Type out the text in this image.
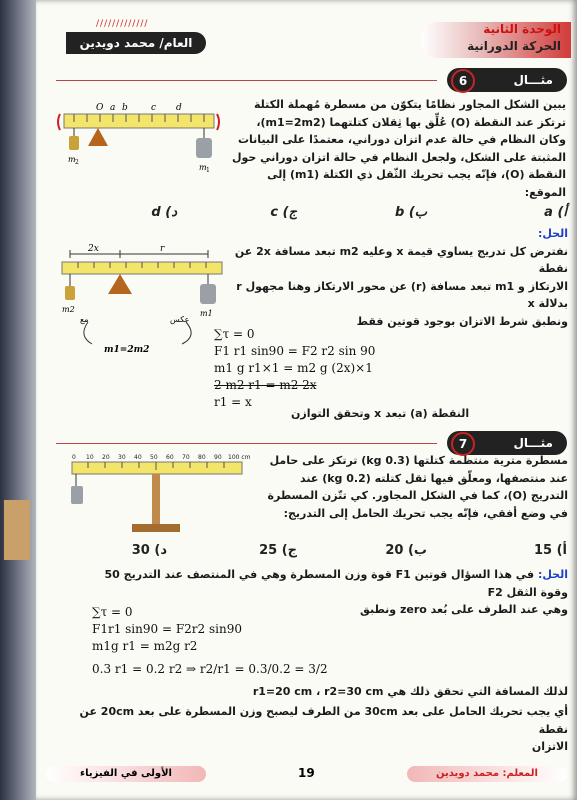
/////////////
العام/ محمد دويدين
الوحدة الثانية
الحركة الدورانية
6	مثـــال
O a b	c d
m 2
m 1
يبين الشكل المجاور نظامًا يتكوّن من مسطرة مُهملة الكتلة
ترتكز عند النقطة (O) عُلِّق بها ثِقلان كتلتهما (m1=2m2)،
وكان النظام في حالة عدم اتزان دوراني، معتمدًا على البيانات
المثبتة على الشكل، ولجعل النظام في حالة اتزان دوراني حول
النقطة (O)، فإنّه يجب تحريك الثّقل ذي الكتلة (m1) إلى الموقع:
أ) a
ب) b
ج) c
د) d
الحل:
نفترض كل تدريج يساوي قيمة x وعليه m2 تبعد مسافة 2x عن نقطة
الارتكاز و m1 تبعد مسافة (r) عن محور الارتكاز وهنا مجهول r
بدلالة x
ونطبق شرط الاتزان بوجود قوتين فقط
2x	r
m2	m1
مع	عكس
m1=2m2
∑τ = 0
F1 r1 sin90 = F2 r2 sin 90
m1 g r1×1 = m2 g (2x)×1
2 m2 r1 = m2 2x
r1 = x
النقطة (a) تبعد x وتحقق التوازن
7	مثـــال
0 10 20 30 40 50 60 70 80 90 100 cm	مسطرة مترية منتظمة كتلتها (0.3 kg) ترتكز على حامل
عند منتصفها، ومعلّق فيها ثقل كتلته (0.2 kg) عند
التدريج (O)، كما في الشكل المجاور. كي تتّزن المسطرة
في وضع أفقي، فإنّه يجب تحريك الحامل إلى التدريج:
أ) 15
ب) 20
ج) 25
د) 30
الحل: في هذا السؤال قوتين F1 قوة وزن المسطرة وهي في المنتصف عند التدريج 50 وقوة الثقل F2
وهي عند الطرف على بُعد zero ونطبق
∑τ = 0
F1r1 sin90 = F2r2 sin90
m1g r1 = m2g r2
0.3 r1 = 0.2 r2 ⇒ r2/r1 = 0.3/0.2 = 3/2
لذلك المسافة التي تحقق ذلك هي r1=20 cm ، r2=30 cm
أي يجب تحريك الحامل على بعد 30cm من الطرف ليصبح وزن المسطرة على بعد 20cm عن نقطة
الاتزان
الأولى في الفيزياء	19	المعلم: محمد دويدين
